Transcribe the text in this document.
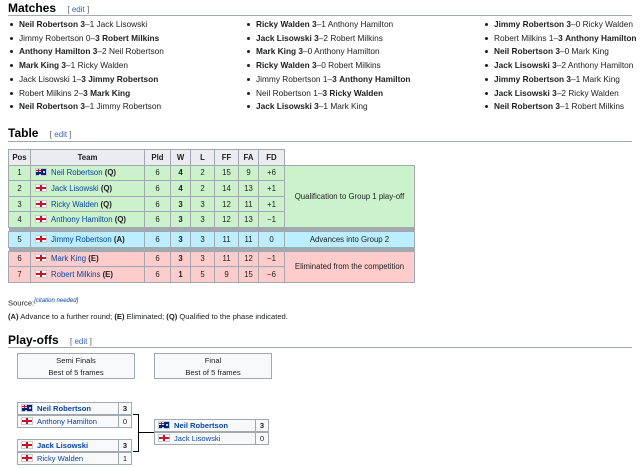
Matches [ edit ]
Neil Robertson 3–1 Jack Lisowski
Jimmy Robertson 0–3 Robert Milkins
Anthony Hamilton 3–2 Neil Robertson
Mark King 3–1 Ricky Walden
Jack Lisowski 1–3 Jimmy Robertson
Robert Milkins 2–3 Mark King
Neil Robertson 3–1 Jimmy Robertson
Ricky Walden 3–1 Anthony Hamilton
Jack Lisowski 3–2 Robert Milkins
Mark King 3–0 Anthony Hamilton
Ricky Walden 3–0 Robert Milkins
Jimmy Robertson 1–3 Anthony Hamilton
Neil Robertson 1–3 Ricky Walden
Jack Lisowski 3–1 Mark King
Jimmy Robertson 3–0 Ricky Walden
Robert Milkins 1–3 Anthony Hamilton
Neil Robertson 3–0 Mark King
Jack Lisowski 3–2 Anthony Hamilton
Jimmy Robertson 3–1 Mark King
Jack Lisowski 3–2 Ricky Walden
Neil Robertson 3–1 Robert Milkins
Table [ edit ]
Pos	Team	Pld	W	L	FF	FA	FD	
1	Neil Robertson (Q)	6	4	2	15	9	+6	Qualification to Group 1 play-off
2	Jack Lisowski (Q)	6	4	2	14	13	+1	
3	Ricky Walden (Q)	6	3	3	12	11	+1	
4	Anthony Hamilton (Q)	6	3	3	12	13	−1	

5	Jimmy Robertson (A)	6	3	3	11	11	0	Advances into Group 2

6	Mark King (E)	6	3	3	11	12	−1	Eliminated from the competition
7	Robert Milkins (E)	6	1	5	9	15	−6	
Source:[citation needed]
(A) Advance to a further round; (E) Eliminated; (Q) Qualified to the phase indicated.
Play-offs [ edit ]
Semi Finals
Best of 5 frames
Final
Best of 5 frames
Neil Robertson	3
Anthony Hamilton	0
Jack Lisowski	3
Ricky Walden	1
Neil Robertson	3
Jack Lisowski	0
